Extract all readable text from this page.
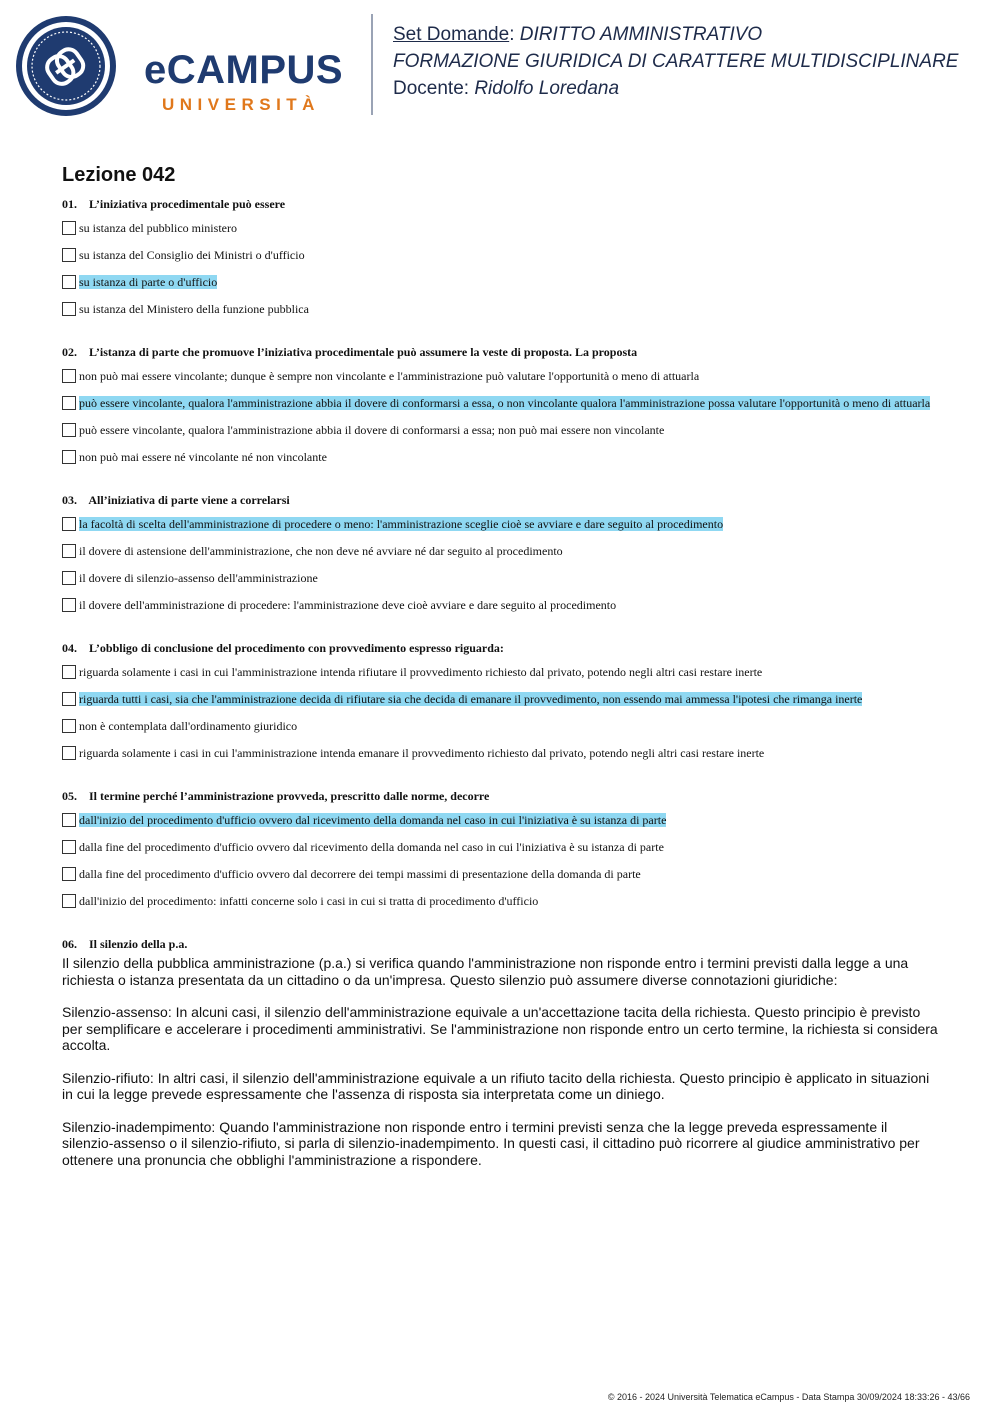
eCAMPUS
UNIVERSITÀ
Set Domande: DIRITTO AMMINISTRATIVO
FORMAZIONE GIURIDICA DI CARATTERE MULTIDISCIPLINARE
Docente: Ridolfo Loredana
Lezione 042
01. L’iniziativa procedimentale può essere
su istanza del pubblico ministero
su istanza del Consiglio dei Ministri o d'ufficio
su istanza di parte o d'ufficio
su istanza del Ministero della funzione pubblica
02. L’istanza di parte che promuove l’iniziativa procedimentale può assumere la veste di proposta. La proposta
non può mai essere vincolante; dunque è sempre non vincolante e l'amministrazione può valutare l'opportunità o meno di attuarla
può essere vincolante, qualora l'amministrazione abbia il dovere di conformarsi a essa, o non vincolante qualora l'amministrazione possa valutare l'opportunità o meno di attuarla
può essere vincolante, qualora l'amministrazione abbia il dovere di conformarsi a essa; non può mai essere non vincolante
non può mai essere né vincolante né non vincolante
03. All’iniziativa di parte viene a correlarsi
la facoltà di scelta dell'amministrazione di procedere o meno: l'amministrazione sceglie cioè se avviare e dare seguito al procedimento
il dovere di astensione dell'amministrazione, che non deve né avviare né dar seguito al procedimento
il dovere di silenzio-assenso dell'amministrazione
il dovere dell'amministrazione di procedere: l'amministrazione deve cioè avviare e dare seguito al procedimento
04. L’obbligo di conclusione del procedimento con provvedimento espresso riguarda:
riguarda solamente i casi in cui l'amministrazione intenda rifiutare il provvedimento richiesto dal privato, potendo negli altri casi restare inerte
riguarda tutti i casi, sia che l'amministrazione decida di rifiutare sia che decida di emanare il provvedimento, non essendo mai ammessa l'ipotesi che rimanga inerte
non è contemplata dall'ordinamento giuridico
riguarda solamente i casi in cui l'amministrazione intenda emanare il provvedimento richiesto dal privato, potendo negli altri casi restare inerte
05. Il termine perché l’amministrazione provveda, prescritto dalle norme, decorre
dall'inizio del procedimento d'ufficio ovvero dal ricevimento della domanda nel caso in cui l'iniziativa è su istanza di parte
dalla fine del procedimento d'ufficio ovvero dal ricevimento della domanda nel caso in cui l'iniziativa è su istanza di parte
dalla fine del procedimento d'ufficio ovvero dal decorrere dei tempi massimi di presentazione della domanda di parte
dall'inizio del procedimento: infatti concerne solo i casi in cui si tratta di procedimento d'ufficio
06. Il silenzio della p.a.

Il silenzio della pubblica amministrazione (p.a.) si verifica quando l'amministrazione non risponde entro i termini previsti dalla legge a una richiesta o istanza presentata da un cittadino o da un'impresa. Questo silenzio può assumere diverse connotazioni giuridiche:

Silenzio-assenso: In alcuni casi, il silenzio dell'amministrazione equivale a un'accettazione tacita della richiesta. Questo principio è previsto per semplificare e accelerare i procedimenti amministrativi. Se l'amministrazione non risponde entro un certo termine, la richiesta si considera accolta.

Silenzio-rifiuto: In altri casi, il silenzio dell'amministrazione equivale a un rifiuto tacito della richiesta. Questo principio è applicato in situazioni in cui la legge prevede espressamente che l'assenza di risposta sia interpretata come un diniego.

Silenzio-inadempimento: Quando l'amministrazione non risponde entro i termini previsti senza che la legge preveda espressamente il silenzio-assenso o il silenzio-rifiuto, si parla di silenzio-inadempimento. In questi casi, il cittadino può ricorrere al giudice amministrativo per ottenere una pronuncia che obblighi l'amministrazione a rispondere.

© 2016 - 2024 Università Telematica eCampus - Data Stampa 30/09/2024 18:33:26 - 43/66
